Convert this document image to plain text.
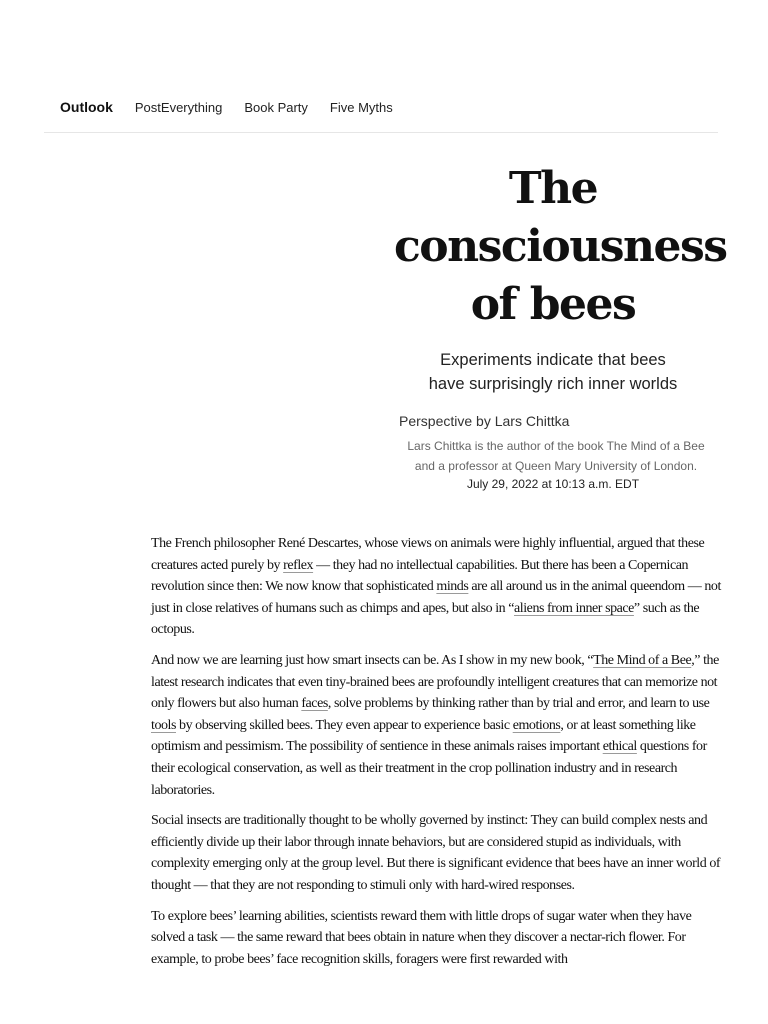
Outlook PostEverything Book Party Five Myths
The
consciousness
of bees

Experiments indicate that bees
have surprisingly rich inner worlds

Perspective by Lars Chittka
Lars Chittka is the author of the book The Mind of a Bee
and a professor at Queen Mary University of London.
July 29, 2022 at 10:13 a.m. EDT

The French philosopher René Descartes, whose views on animals were highly influential, argued that these creatures acted purely by reflex — they had no intellectual capabilities. But there has been a Copernican revolution since then: We now know that sophisticated minds are all around us in the animal queendom — not just in close relatives of humans such as chimps and apes, but also in “aliens from inner space” such as the octopus.

And now we are learning just how smart insects can be. As I show in my new book, “The Mind of a Bee,” the latest research indicates that even tiny-brained bees are profoundly intelligent creatures that can memorize not only flowers but also human faces, solve problems by thinking rather than by trial and error, and learn to use tools by observing skilled bees. They even appear to experience basic emotions, or at least something like optimism and pessimism. The possibility of sentience in these animals raises important ethical questions for their ecological conservation, as well as their treatment in the crop pollination industry and in research laboratories.

Social insects are traditionally thought to be wholly governed by instinct: They can build complex nests and efficiently divide up their labor through innate behaviors, but are considered stupid as individuals, with complexity emerging only at the group level. But there is significant evidence that bees have an inner world of thought — that they are not responding to stimuli only with hard-wired responses.

To explore bees’ learning abilities, scientists reward them with little drops of sugar water when they have solved a task — the same reward that bees obtain in nature when they discover a nectar-rich flower. For example, to probe bees’ face recognition skills, foragers were first rewarded with
